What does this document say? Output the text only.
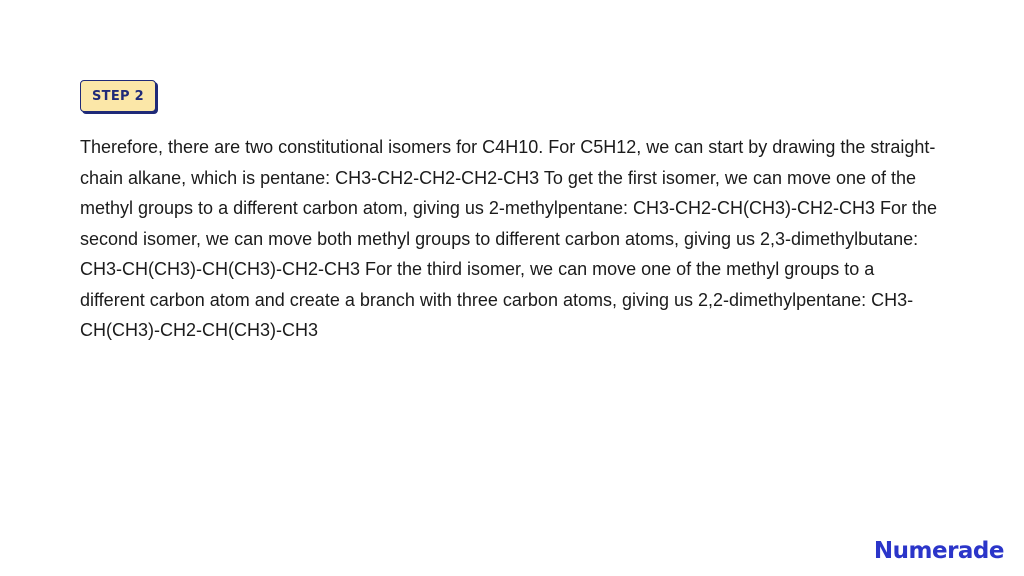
STEP 2

Therefore, there are two constitutional isomers for C4H10. For C5H12, we can start by drawing the straight-chain alkane, which is pentane: CH3-CH2-CH2-CH2-CH3 To get the first isomer, we can move one of the methyl groups to a different carbon atom, giving us 2-methylpentane: CH3-CH2-CH(CH3)-CH2-CH3 For the second isomer, we can move both methyl groups to different carbon atoms, giving us 2,3-dimethylbutane: CH3-CH(CH3)-CH(CH3)-CH2-CH3 For the third isomer, we can move one of the methyl groups to a different carbon atom and create a branch with three carbon atoms, giving us 2,2-dimethylpentane: CH3-CH(CH3)-CH2-CH(CH3)-CH3

Numerade
